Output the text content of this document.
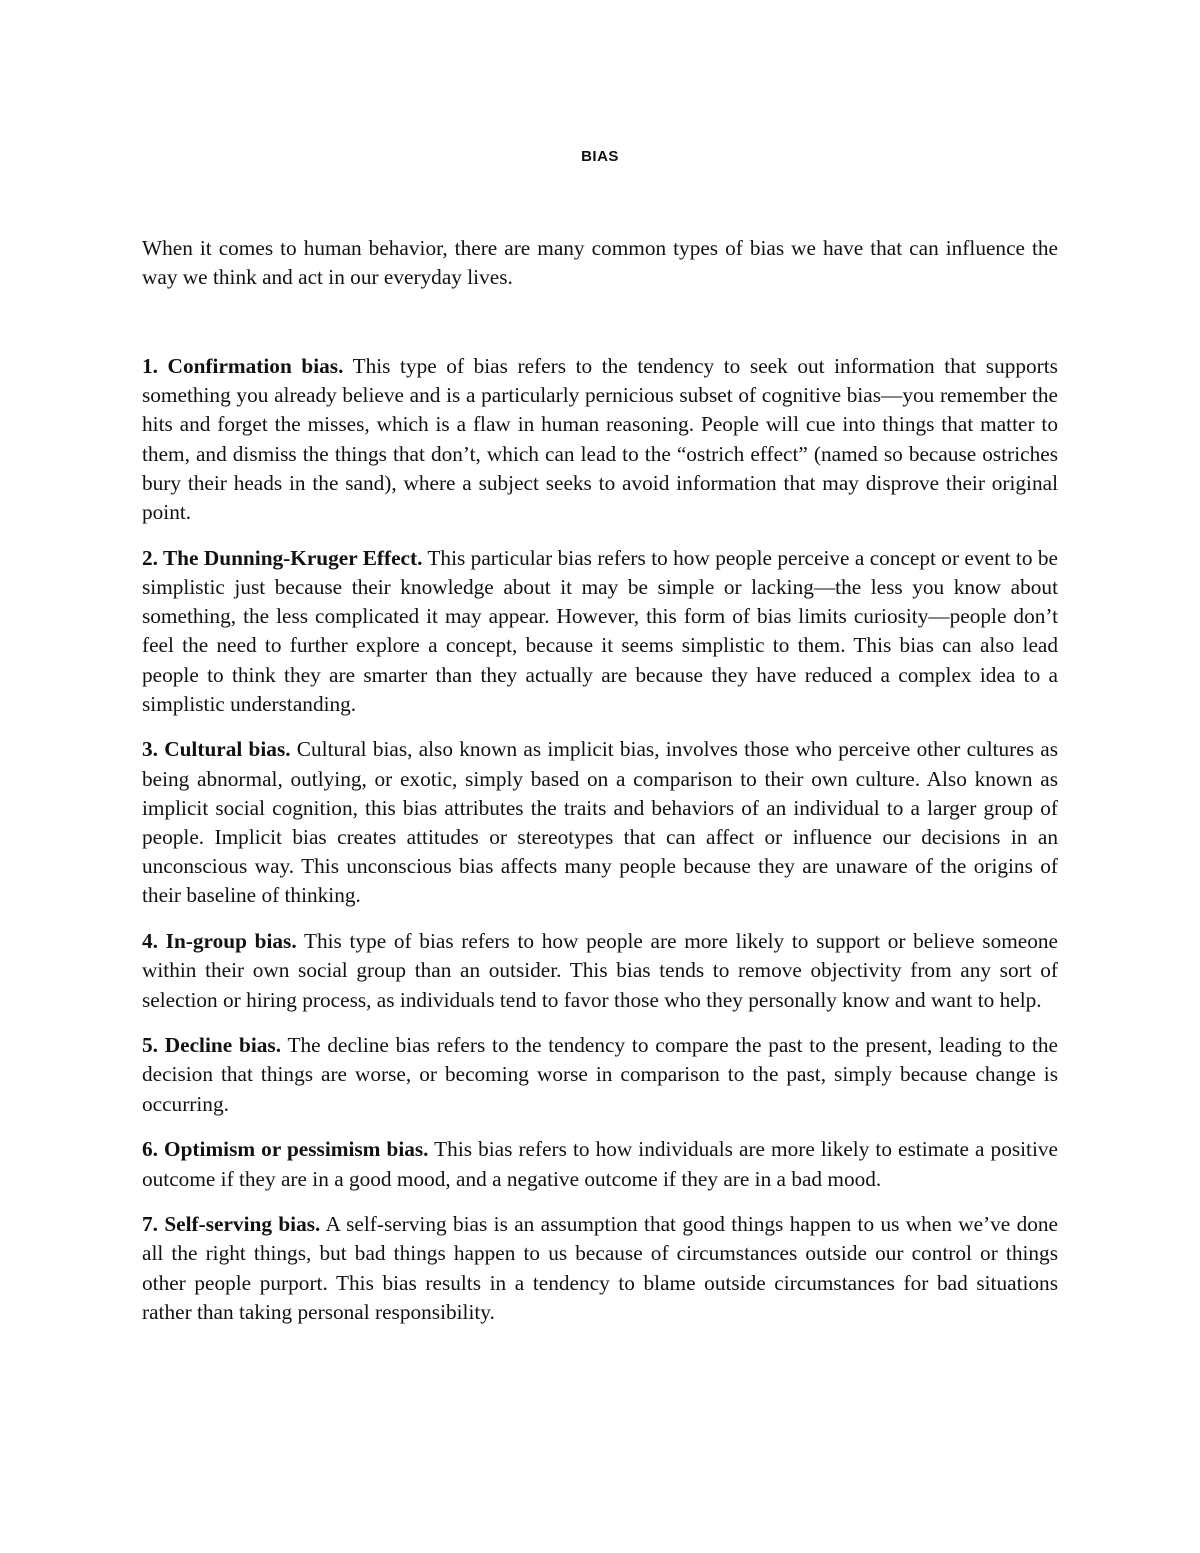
BIAS

When it comes to human behavior, there are many common types of bias we have that can influence the way we think and act in our everyday lives.

1. Confirmation bias. This type of bias refers to the tendency to seek out information that supports something you already believe and is a particularly pernicious subset of cognitive bias—you remember the hits and forget the misses, which is a flaw in human reasoning. People will cue into things that matter to them, and dismiss the things that don’t, which can lead to the “ostrich effect” (named so because ostriches bury their heads in the sand), where a subject seeks to avoid information that may disprove their original point.

2. The Dunning-Kruger Effect. This particular bias refers to how people perceive a concept or event to be simplistic just because their knowledge about it may be simple or lacking—the less you know about something, the less complicated it may appear. However, this form of bias limits curiosity—people don’t feel the need to further explore a concept, because it seems simplistic to them. This bias can also lead people to think they are smarter than they actually are because they have reduced a complex idea to a simplistic understanding.

3. Cultural bias. Cultural bias, also known as implicit bias, involves those who perceive other cultures as being abnormal, outlying, or exotic, simply based on a comparison to their own culture. Also known as implicit social cognition, this bias attributes the traits and behaviors of an individual to a larger group of people. Implicit bias creates attitudes or stereotypes that can affect or influence our decisions in an unconscious way. This unconscious bias affects many people because they are unaware of the origins of their baseline of thinking.

4. In-group bias. This type of bias refers to how people are more likely to support or believe someone within their own social group than an outsider. This bias tends to remove objectivity from any sort of selection or hiring process, as individuals tend to favor those who they personally know and want to help.

5. Decline bias. The decline bias refers to the tendency to compare the past to the present, leading to the decision that things are worse, or becoming worse in comparison to the past, simply because change is occurring.

6. Optimism or pessimism bias. This bias refers to how individuals are more likely to estimate a positive outcome if they are in a good mood, and a negative outcome if they are in a bad mood.

7. Self-serving bias. A self-serving bias is an assumption that good things happen to us when we’ve done all the right things, but bad things happen to us because of circumstances outside our control or things other people purport. This bias results in a tendency to blame outside circumstances for bad situations rather than taking personal responsibility.
